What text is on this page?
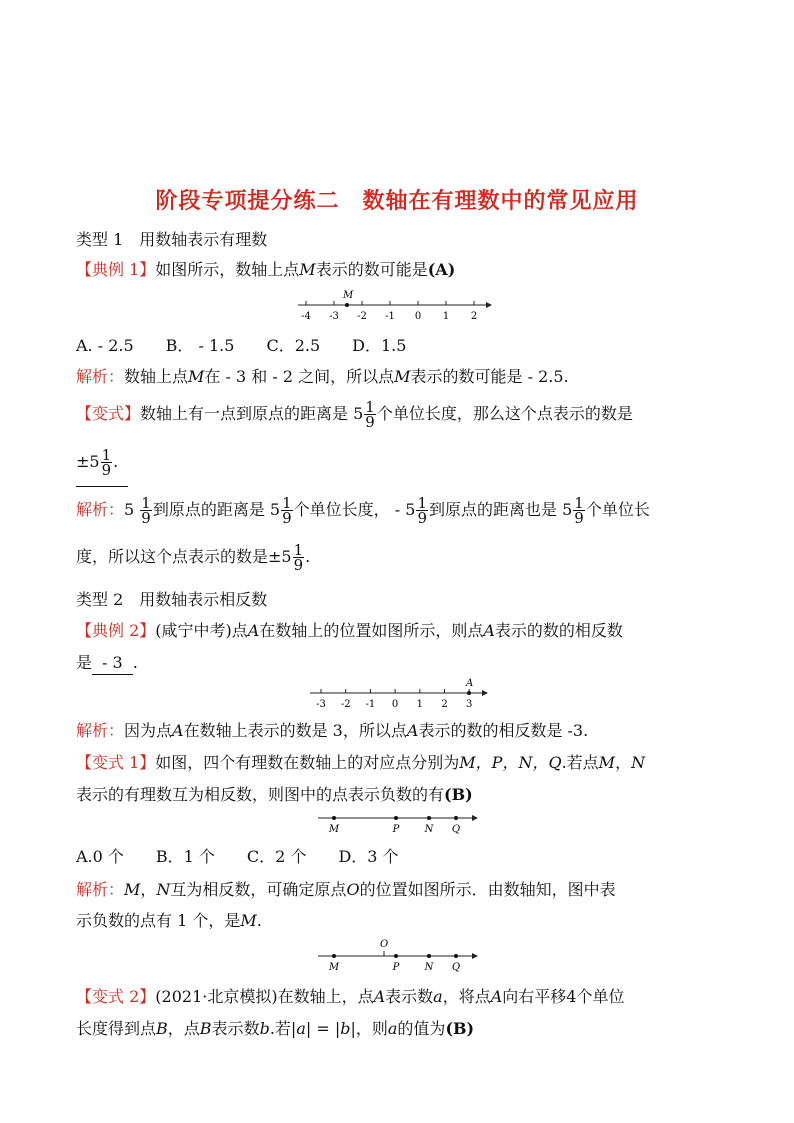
阶段专项提分练二　数轴在有理数中的常见应用
类型 1　用数轴表示有理数
【典例 1】如图所示，数轴上点M表示的数可能是(A)
-4 -3 -2 -1 0 1 2
M
A. - 2.5　　B． - 1.5　　C．2.5　　D．1.5
解析：数轴上点M在 - 3 和 - 2 之间，所以点M表示的数可能是 - 2.5.
【变式】数轴上有一点到原点的距离是 $5 \frac{1}{9}$ 个单位长度，那么这个点表示的数是
$\pm 5 \frac{1}{9}$ .
解析：$5 \frac{1}{9}$ 到原点的距离是 $5 \frac{1}{9}$ 个单位长度， - $5 \frac{1}{9}$ 到原点的距离也是 $5 \frac{1}{9}$ 个单位长
度，所以这个点表示的数是$\pm 5 \frac{1}{9}$ .
类型 2　用数轴表示相反数
【典例 2】(咸宁中考)点A在数轴上的位置如图所示，则点A表示的数的相反数
是 - 3 .
-3 -2 -1 0 1 2 3
A
解析：因为点A在数轴上表示的数是 3，所以点A表示的数的相反数是 -3.
【变式 1】如图，四个有理数在数轴上的对应点分别为M，P，N，Q.若点M，N
表示的有理数互为相反数，则图中的点表示负数的有(B)
M	P	N Q
A.0 个　　B．1 个　　C．2 个　　D．3 个
解析：M，N互为相反数，可确定原点O的位置如图所示．由数轴知，图中表
示负数的点有 1 个，是M.
O
M	P	N Q
【变式 2】(2021·北京模拟)在数轴上，点A表示数a，将点A向右平移4个单位
长度得到点B，点B表示数b.若|a| = |b|，则a的值为(B)
